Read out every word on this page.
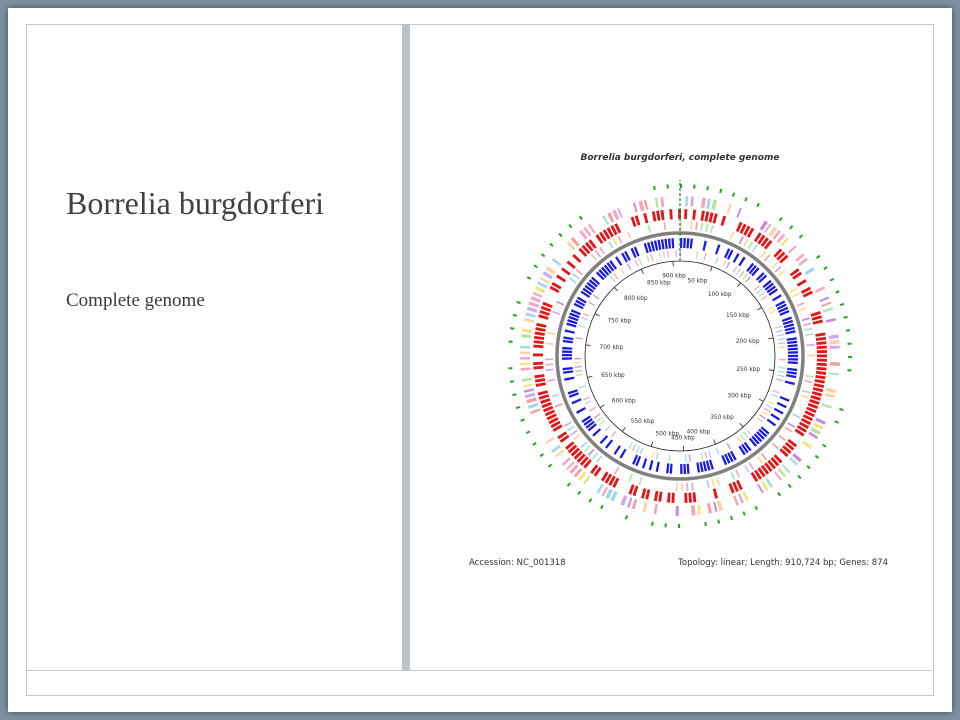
Borrelia burgdorferi
Complete genome
Borrelia burgdorferi, complete genome
50 kbp
100 kbp
150 kbp
200 kbp
250 kbp
300 kbp
350 kbp
400 kbp
450 kbp
500 kbp
550 kbp
600 kbp
650 kbp
700 kbp
750 kbp
800 kbp
850 kbp
900 kbp
Accession: NC_001318	Topology: linear; Length: 910,724 bp; Genes: 874
